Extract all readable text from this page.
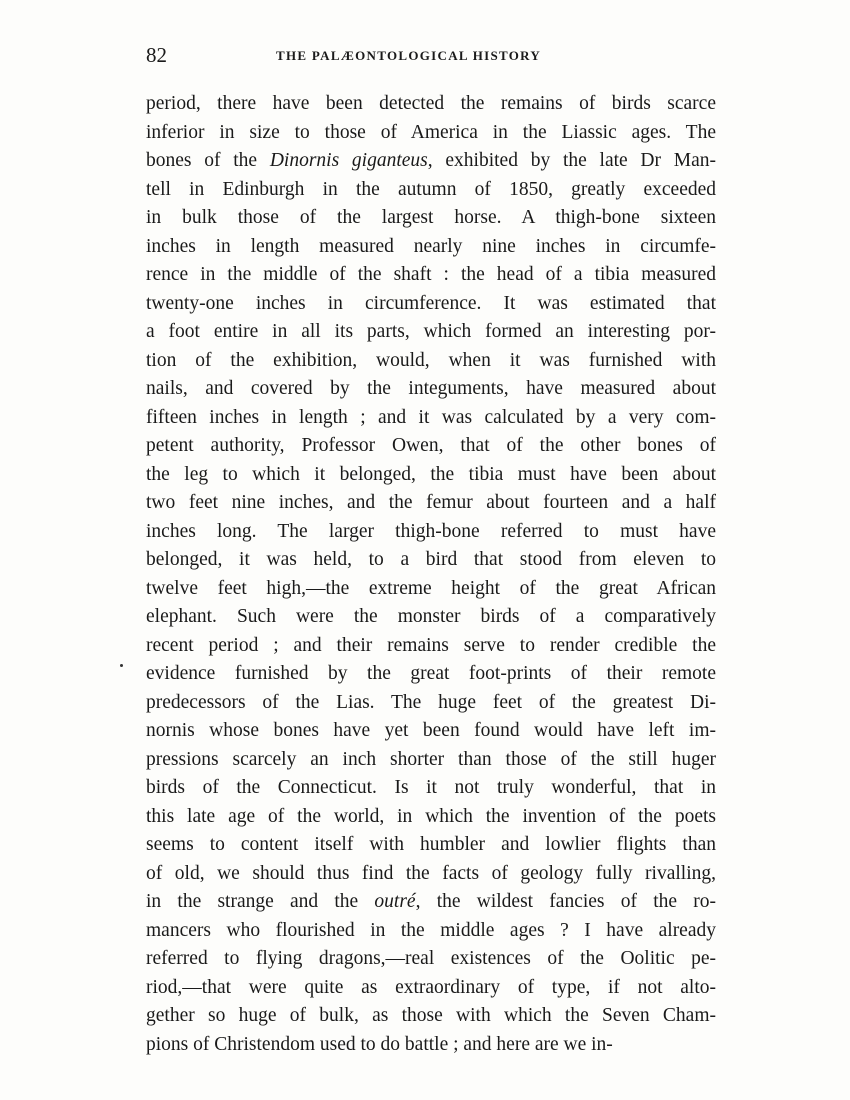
82	THE PALÆONTOLOGICAL HISTORY
period, there have been detected the remains of birds scarce
inferior in size to those of America in the Liassic ages. The
bones of the Dinornis giganteus, exhibited by the late Dr Man-
tell in Edinburgh in the autumn of 1850, greatly exceeded
in bulk those of the largest horse. A thigh-bone sixteen
inches in length measured nearly nine inches in circumfe-
rence in the middle of the shaft : the head of a tibia measured
twenty-one inches in circumference. It was estimated that
a foot entire in all its parts, which formed an interesting por-
tion of the exhibition, would, when it was furnished with
nails, and covered by the integuments, have measured about
fifteen inches in length ; and it was calculated by a very com-
petent authority, Professor Owen, that of the other bones of
the leg to which it belonged, the tibia must have been about
two feet nine inches, and the femur about fourteen and a half
inches long. The larger thigh-bone referred to must have
belonged, it was held, to a bird that stood from eleven to
twelve feet high,—the extreme height of the great African
elephant. Such were the monster birds of a comparatively
recent period ; and their remains serve to render credible the
evidence furnished by the great foot-prints of their remote
predecessors of the Lias. The huge feet of the greatest Di-
nornis whose bones have yet been found would have left im-
pressions scarcely an inch shorter than those of the still huger
birds of the Connecticut. Is it not truly wonderful, that in
this late age of the world, in which the invention of the poets
seems to content itself with humbler and lowlier flights than
of old, we should thus find the facts of geology fully rivalling,
in the strange and the outré, the wildest fancies of the ro-
mancers who flourished in the middle ages ? I have already
referred to flying dragons,—real existences of the Oolitic pe-
riod,—that were quite as extraordinary of type, if not alto-
gether so huge of bulk, as those with which the Seven Cham-
pions of Christendom used to do battle ; and here are we in-
